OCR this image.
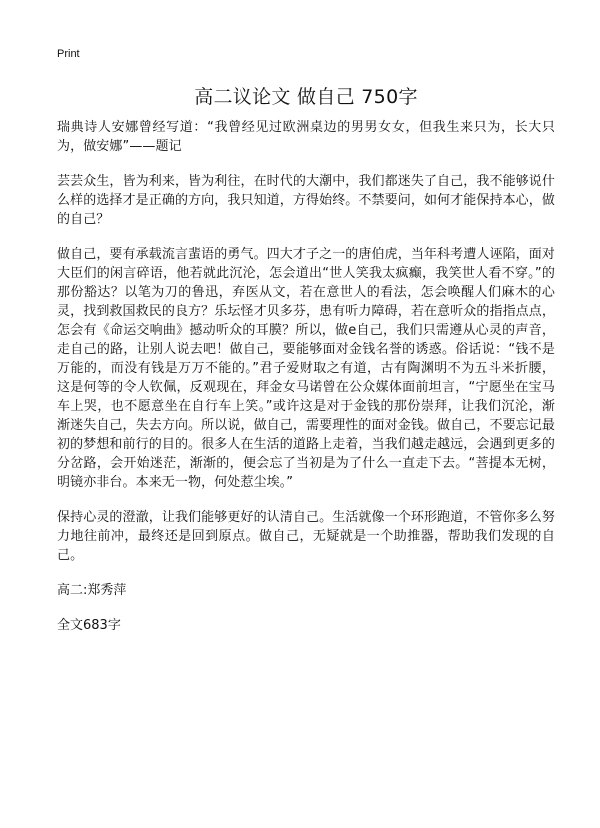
Print
高二议论文 做自己 750字

瑞典诗人安娜曾经写道：“我曾经见过欧洲桌边的男男女女，但我生来只为，长大只为，做安娜”——题记

芸芸众生，皆为利来，皆为利往，在时代的大潮中，我们都迷失了自己，我不能够说什么样的选择才是正确的方向，我只知道，方得始终。不禁要问，如何才能保持本心，做的自己？

做自己，要有承载流言蜚语的勇气。四大才子之一的唐伯虎，当年科考遭人诬陷，面对大臣们的闲言碎语，他若就此沉沦，怎会道出“世人笑我太疯癫，我笑世人看不穿。”的那份豁达？以笔为刀的鲁迅，弃医从文，若在意世人的看法，怎会唤醒人们麻木的心灵，找到救国救民的良方？乐坛怪才贝多芬，患有听力障碍，若在意听众的指指点点，怎会有《命运交响曲》撼动听众的耳膜？所以，做e自己，我们只需遵从心灵的声音，走自己的路，让别人说去吧！做自己，要能够面对金钱名誉的诱惑。俗话说：“钱不是万能的，而没有钱是万万不能的。”君子爱财取之有道，古有陶渊明不为五斗米折腰，这是何等的令人钦佩，反观现在，拜金女马诺曾在公众媒体面前坦言，“宁愿坐在宝马车上哭，也不愿意坐在自行车上笑。”或许这是对于金钱的那份崇拜，让我们沉沦，渐渐迷失自己，失去方向。所以说，做自己，需要理性的面对金钱。做自己，不要忘记最初的梦想和前行的目的。很多人在生活的道路上走着，当我们越走越远，会遇到更多的分岔路，会开始迷茫，渐渐的，便会忘了当初是为了什么一直走下去。“菩提本无树，明镜亦非台。本来无一物，何处惹尘埃。”

保持心灵的澄澈，让我们能够更好的认清自己。生活就像一个环形跑道，不管你多么努力地往前冲，最终还是回到原点。做自己，无疑就是一个助推器，帮助我们发现的自己。

高二:郑秀萍
全文683字
